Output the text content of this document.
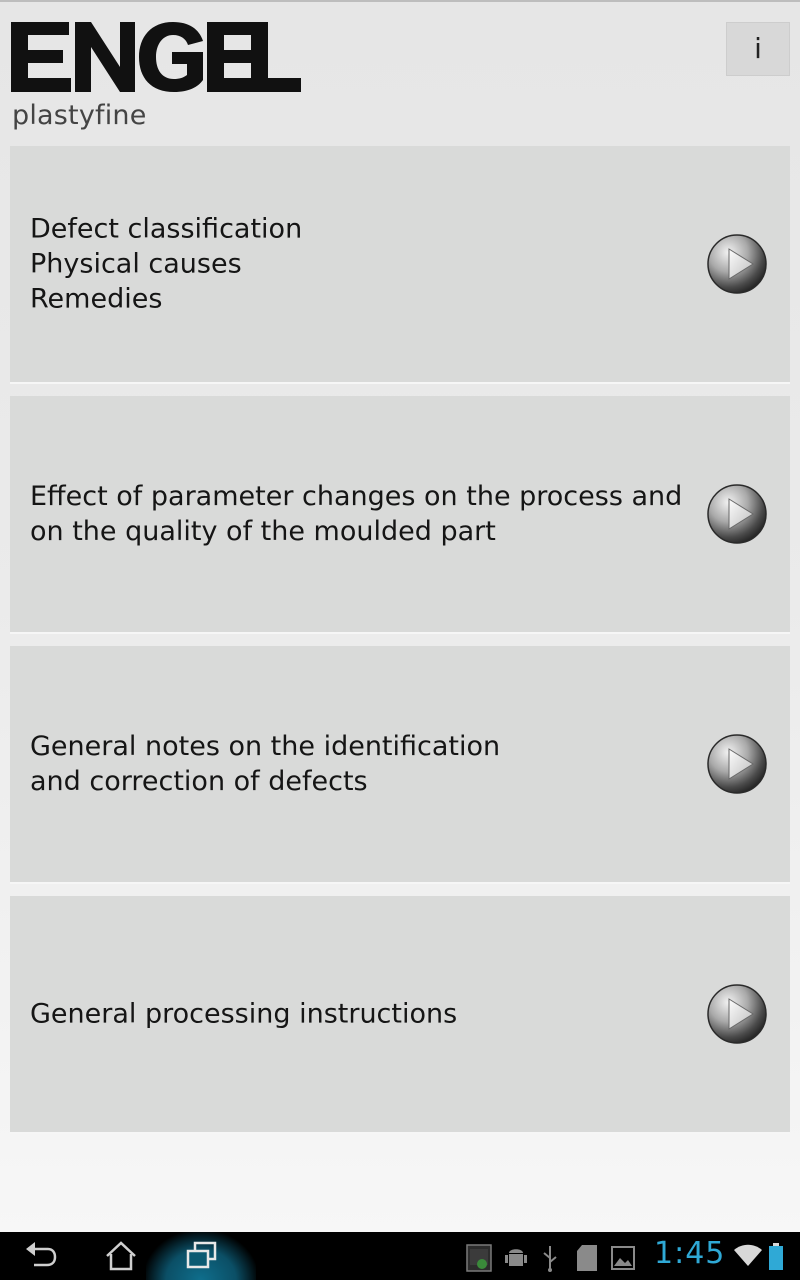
plastyfine
i
Defect classification
Physical causes
Remedies
Effect of parameter changes on the process and
on the quality of the moulded part
General notes on the identification
and correction of defects
General processing instructions
1:45
